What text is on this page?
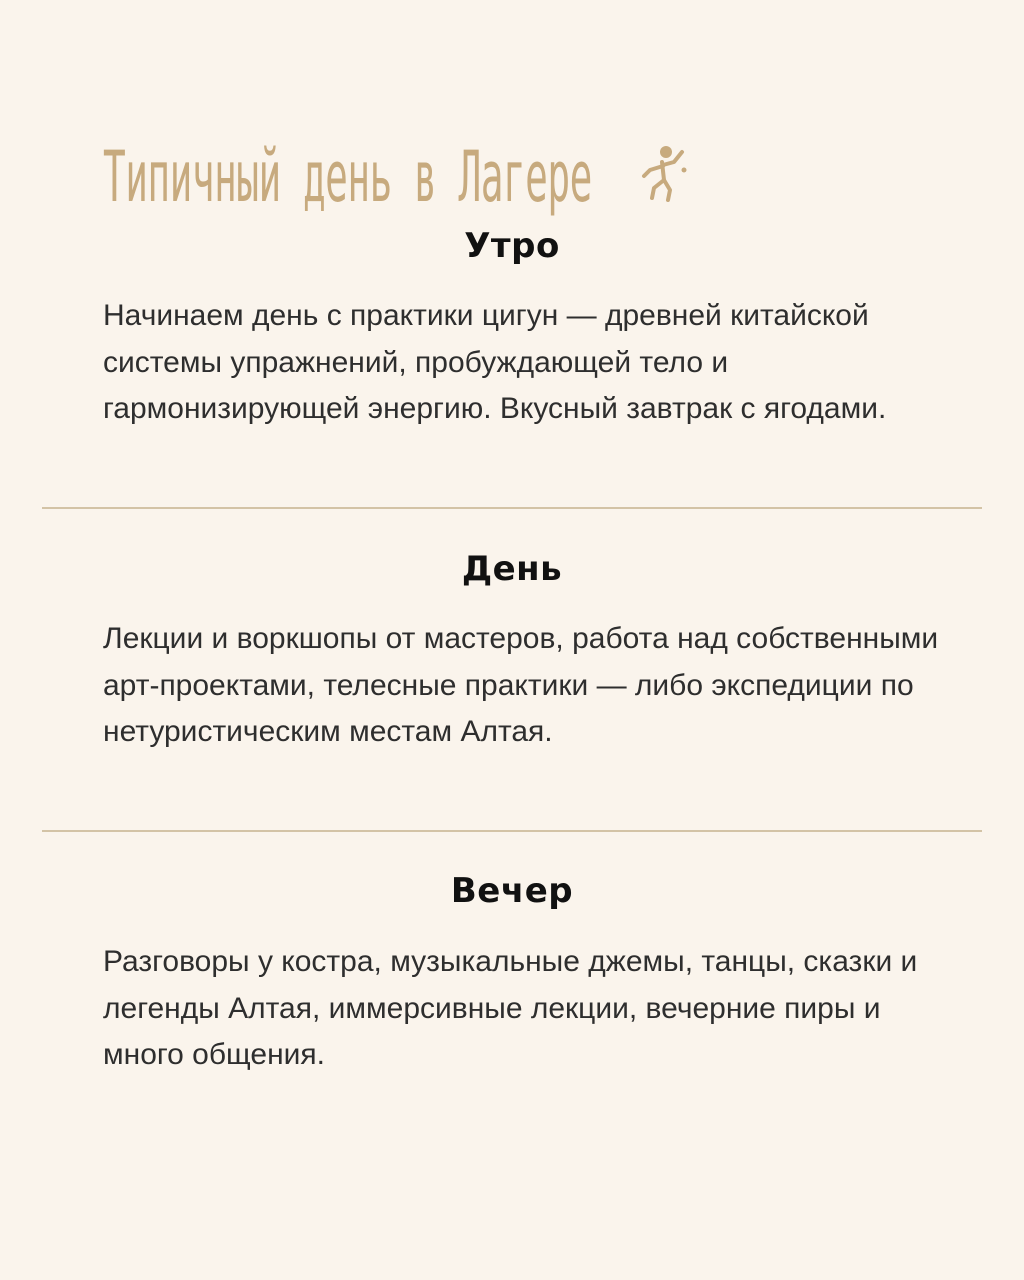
Типичный день в Лагере
Утро

Начинаем день с практики цигун — древней китайской системы упражнений, пробуждающей тело и гармонизирующей энергию. Вкусный завтрак с ягодами.

День

Лекции и воркшопы от мастеров, работа над собственными арт-проектами, телесные практики — либо экспедиции по нетуристическим местам Алтая.

Вечер

Разговоры у костра, музыкальные джемы, танцы, сказки и легенды Алтая, иммерсивные лекции, вечерние пиры и много общения.
